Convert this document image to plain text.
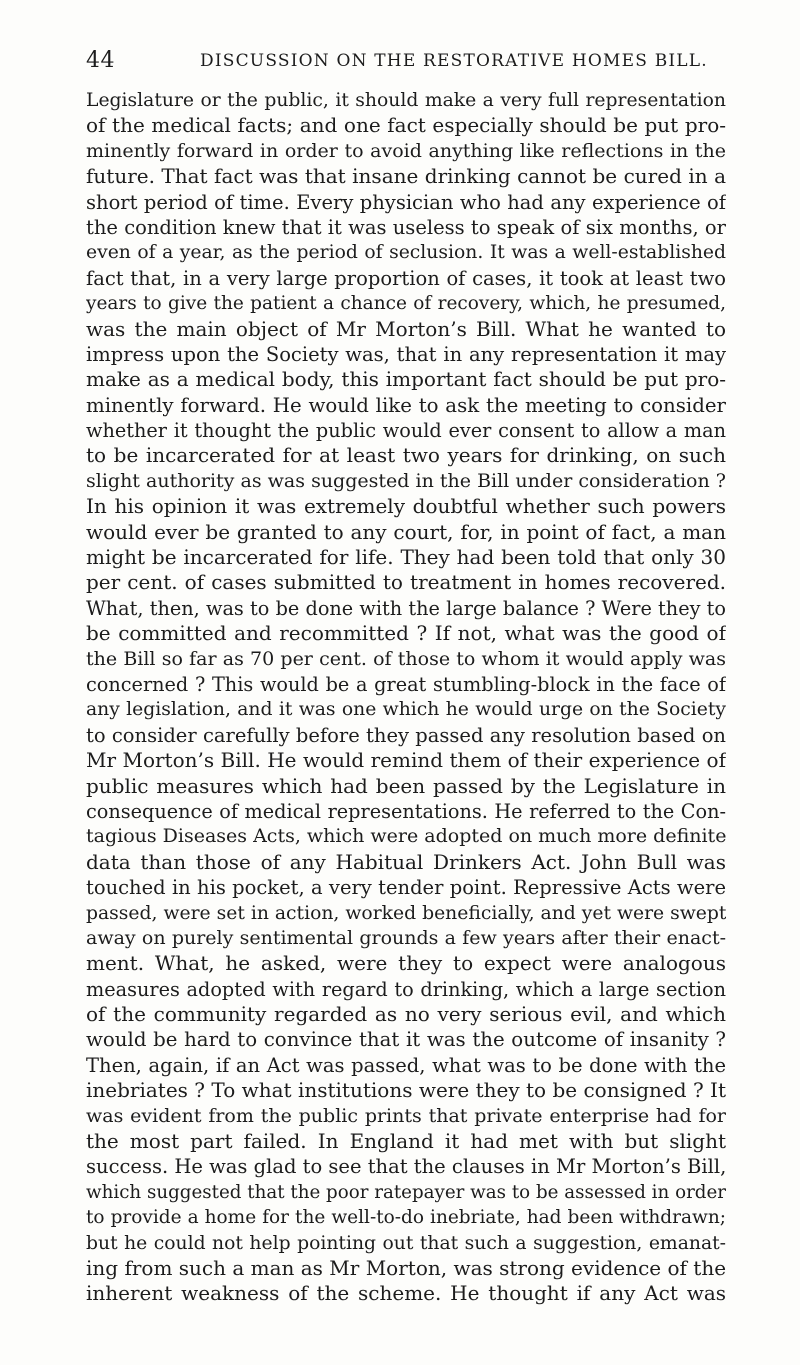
44	DISCUSSION ON THE RESTORATIVE HOMES BILL.
Legislature or the public, it should make a very full representation
of the medical facts; and one fact especially should be put pro-
minently forward in order to avoid anything like reflections in the
future. That fact was that insane drinking cannot be cured in a
short period of time. Every physician who had any experience of
the condition knew that it was useless to speak of six months, or
even of a year, as the period of seclusion. It was a well-established
fact that, in a very large proportion of cases, it took at least two
years to give the patient a chance of recovery, which, he presumed,
was the main object of Mr Morton’s Bill. What he wanted to
impress upon the Society was, that in any representation it may
make as a medical body, this important fact should be put pro-
minently forward. He would like to ask the meeting to consider
whether it thought the public would ever consent to allow a man
to be incarcerated for at least two years for drinking, on such
slight authority as was suggested in the Bill under consideration ?
In his opinion it was extremely doubtful whether such powers
would ever be granted to any court, for, in point of fact, a man
might be incarcerated for life. They had been told that only 30
per cent. of cases submitted to treatment in homes recovered.
What, then, was to be done with the large balance ? Were they to
be committed and recommitted ? If not, what was the good of
the Bill so far as 70 per cent. of those to whom it would apply was
concerned ? This would be a great stumbling-block in the face of
any legislation, and it was one which he would urge on the Society
to consider carefully before they passed any resolution based on
Mr Morton’s Bill. He would remind them of their experience of
public measures which had been passed by the Legislature in
consequence of medical representations. He referred to the Con-
tagious Diseases Acts, which were adopted on much more definite
data than those of any Habitual Drinkers Act. John Bull was
touched in his pocket, a very tender point. Repressive Acts were
passed, were set in action, worked beneficially, and yet were swept
away on purely sentimental grounds a few years after their enact-
ment. What, he asked, were they to expect were analogous
measures adopted with regard to drinking, which a large section
of the community regarded as no very serious evil, and which
would be hard to convince that it was the outcome of insanity ?
Then, again, if an Act was passed, what was to be done with the
inebriates ? To what institutions were they to be consigned ? It
was evident from the public prints that private enterprise had for
the most part failed. In England it had met with but slight
success. He was glad to see that the clauses in Mr Morton’s Bill,
which suggested that the poor ratepayer was to be assessed in order
to provide a home for the well-to-do inebriate, had been withdrawn;
but he could not help pointing out that such a suggestion, emanat-
ing from such a man as Mr Morton, was strong evidence of the
inherent weakness of the scheme. He thought if any Act was
